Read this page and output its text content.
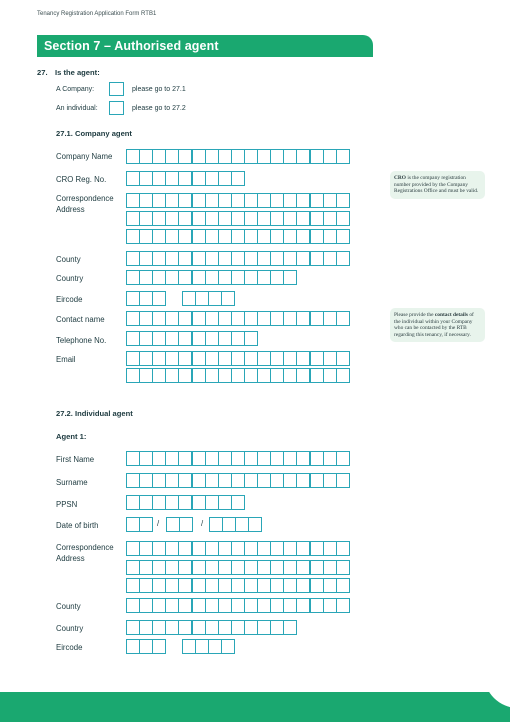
Tenancy Registration Application Form RTB1
Section 7 – Authorised agent
27. Is the agent:
A Company:	please go to 27.1
An individual:	please go to 27.2
27.1. Company agent
Company Name
CRO Reg. No.	CRO is the company registration number provided by the Company Registrations Office and must be valid.
Correspondence Address
County
Country
Eircode
Contact name	Please provide the contact details of the individual within your Company who can be contacted by the RTB regarding this tenancy, if necessary.
Telephone No.
Email
27.2. Individual agent
Agent 1:
First Name
Surname
PPSN
Date of birth	/	/
Correspondence Address
County
Country
Eircode
